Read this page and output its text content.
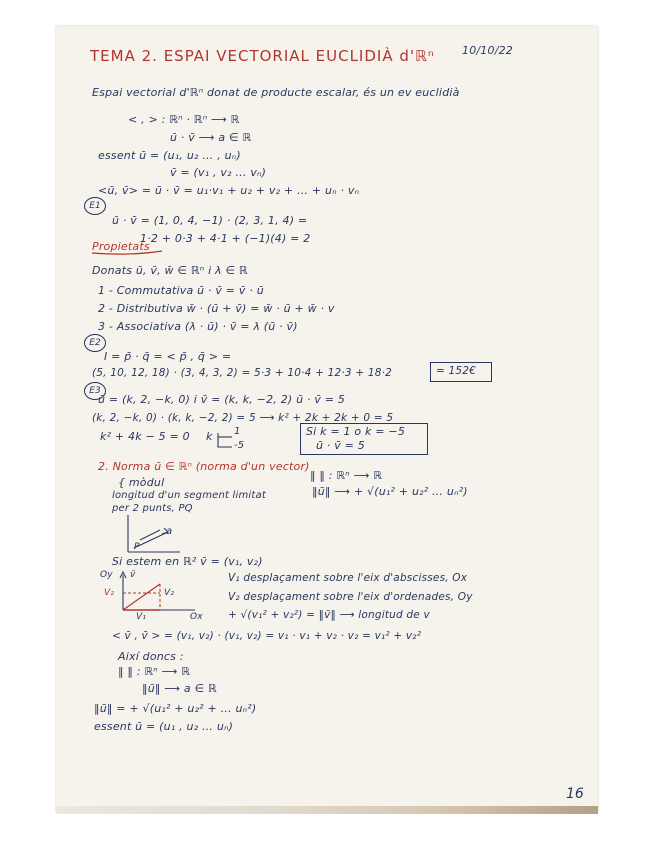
TEMA 2. ESPAI VECTORIAL EUCLIDIÀ d'ℝⁿ 10/10/22
Espai vectorial d'ℝⁿ donat de producte escalar, és un ev euclidià
< , > : ℝⁿ · ℝⁿ ⟶ ℝ
ū · v̄ ⟶ a ∈ ℝ
essent ū = (u₁, u₂ … , uₙ)
v̄ = (v₁ , v₂ … vₙ)
<ū, v̄> = ū · v̄ = u₁·v₁ + u₂ + v₂ + … + uₙ · vₙ
E1
ū · v̄ = (1, 0, 4, −1) · (2, 3, 1, 4) =
1·2 + 0·3 + 4·1 + (−1)(4) = 2
Propietats
Donats ū, v̄, w̄ ∈ ℝⁿ i λ ∈ ℝ
1 - Commutativa ū · v̄ = v̄ · ū
2 - Distributiva w̄ · (ū + v̄) = w̄ · ū + w̄ · v
3 - Associativa (λ · ū) · v̄ = λ (ū · v̄)
E2
I = p̄ · q̄ = < p̄ , q̄ > =
(5, 10, 12, 18) · (3, 4, 3, 2) = 5·3 + 10·4 + 12·3 + 18·2	= 152€
E3
ū = (k, 2, −k, 0) i v̄ = (k, k, −2, 2) ū · v̄ = 5
(k, 2, −k, 0) · (k, k, −2, 2) = 5 ⟶ k² + 2k + 2k + 0 = 5
k² + 4k − 5 = 0 k 1
-5
Si k = 1 o k = −5
ū · v̄ = 5
2. Norma ū ∈ ℝⁿ (norma d'un vector)
‖ ‖ : ℝⁿ ⟶ ℝ
‖ū‖ ⟶ + √(u₁² + u₂² … uₙ²)
{ mòdul
longitud d'un segment limitat
per 2 punts, PQ
a
P
Si estem en ℝ² v̄ = (v₁, v₂)
Oy v̄
V₂	V₂
V₁	Ox
V₁ desplaçament sobre l'eix d'abscisses, Ox
V₂ desplaçament sobre l'eix d'ordenades, Oy
+ √(v₁² + v₂²) = ‖v̄‖ ⟶ longitud de v
< v̄ , v̄ > = (v₁, v₂) · (v₁, v₂) = v₁ · v₁ + v₂ · v₂ = v₁² + v₂²
Així doncs :
‖ ‖ : ℝⁿ ⟶ ℝ
‖ū‖ ⟶ a ∈ ℝ
‖ū‖ = + √(u₁² + u₂² + … uₙ²)
essent ū = (u₁ , u₂ … uₙ)
16
